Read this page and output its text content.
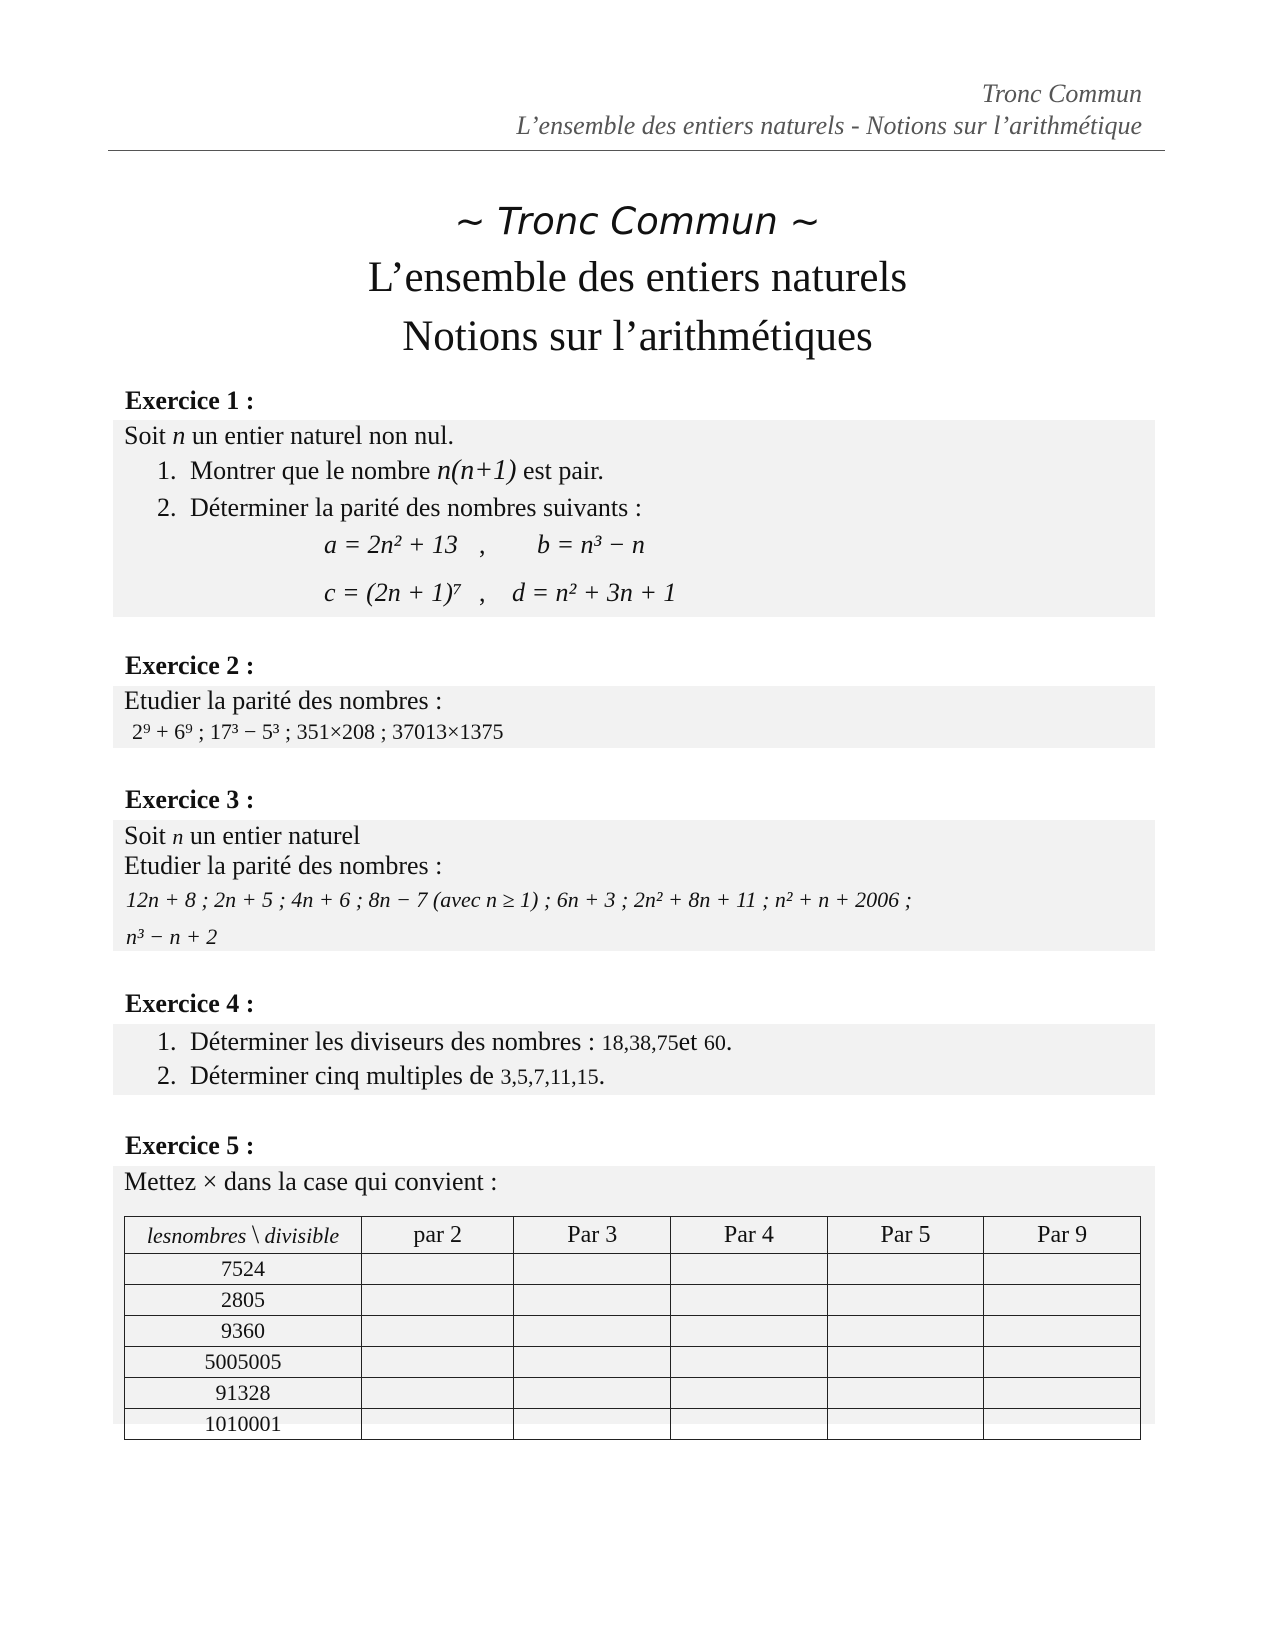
Tronc Commun
L’ensemble des entiers naturels - Notions sur l’arithmétique
~ Tronc Commun ~
L’ensemble des entiers naturels
Notions sur l’arithmétiques
Exercice 1 :
Soit n un entier naturel non nul.
1. Montrer que le nombre n(n+1) est pair.
2. Déterminer la parité des nombres suivants :
a = 2n² + 13 , b = n³ − n
c = (2n + 1)⁷ , d = n² + 3n + 1
Exercice 2 :
Etudier la parité des nombres :
2⁹ + 6⁹ ; 17³ − 5³ ; 351×208 ; 37013×1375
Exercice 3 :
Soit n un entier naturel
Etudier la parité des nombres :
12n + 8 ; 2n + 5 ; 4n + 6 ; 8n − 7 (avec n ≥ 1) ; 6n + 3 ; 2n² + 8n + 11 ; n² + n + 2006 ;
n³ − n + 2
Exercice 4 :
1. Déterminer les diviseurs des nombres : 18,38,75et 60.
2. Déterminer cinq multiples de 3,5,7,11,15.
Exercice 5 :
Mettez × dans la case qui convient :
lesnombres \ divisible	par 2	Par 3	Par 4	Par 5	Par 9
7524					
2805					
9360					
5005005					
91328					
1010001					
